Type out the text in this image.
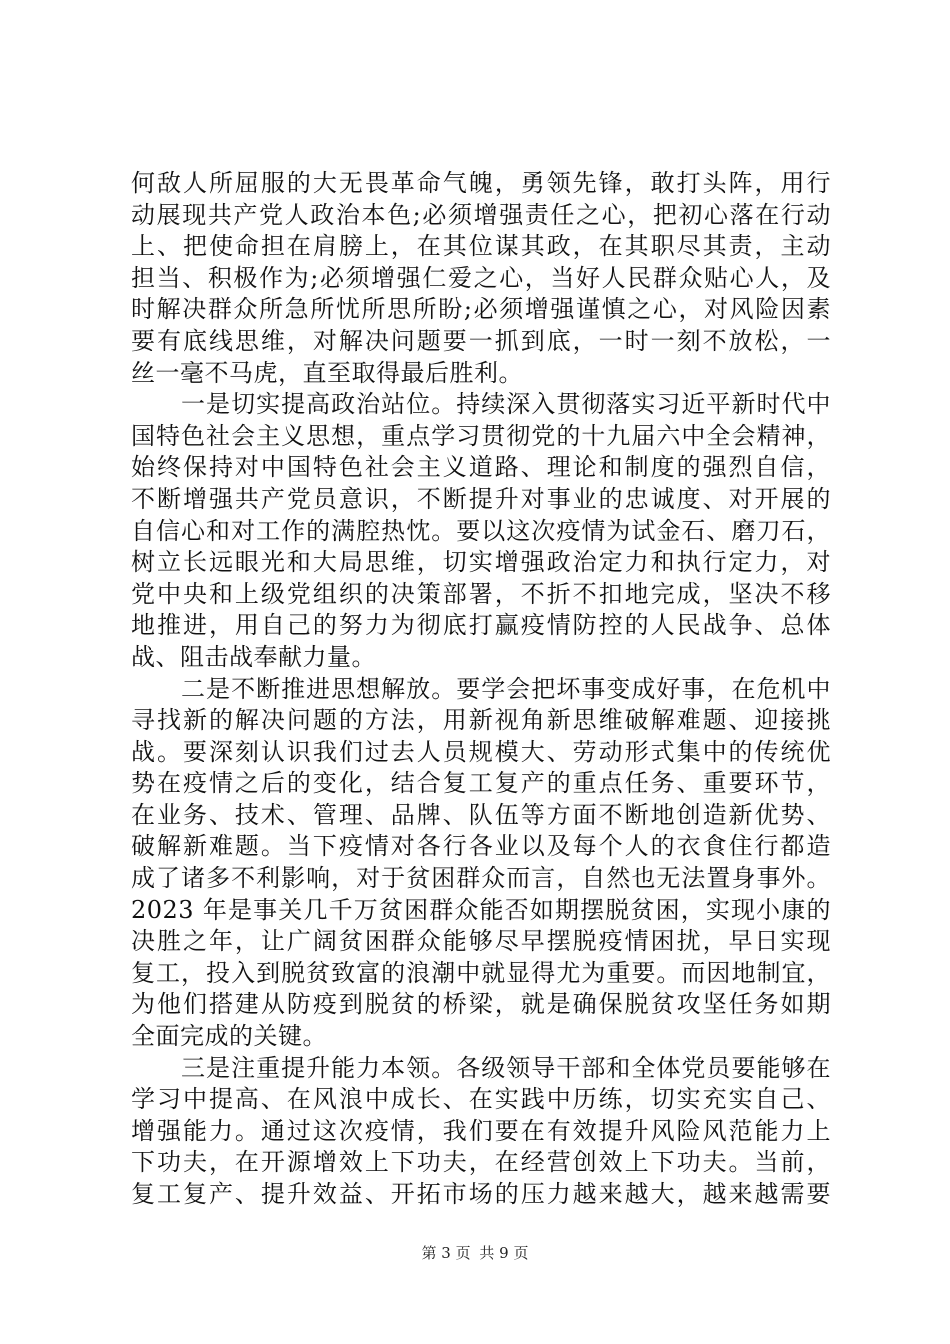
何敌人所屈服的大无畏革命气魄，勇领先锋，敢打头阵，用行
动展现共产党人政治本色;必须增强责任之心，把初心落在行动
上、把使命担在肩膀上，在其位谋其政，在其职尽其责，主动
担当、积极作为;必须增强仁爱之心，当好人民群众贴心人，及
时解决群众所急所忧所思所盼;必须增强谨慎之心，对风险因素
要有底线思维，对解决问题要一抓到底，一时一刻不放松，一
丝一毫不马虎，直至取得最后胜利。
　　一是切实提高政治站位。持续深入贯彻落实习近平新时代中
国特色社会主义思想，重点学习贯彻党的十九届六中全会精神，
始终保持对中国特色社会主义道路、理论和制度的强烈自信，
不断增强共产党员意识，不断提升对事业的忠诚度、对开展的
自信心和对工作的满腔热忱。要以这次疫情为试金石、磨刀石，
树立长远眼光和大局思维，切实增强政治定力和执行定力，对
党中央和上级党组织的决策部署，不折不扣地完成，坚决不移
地推进，用自己的努力为彻底打赢疫情防控的人民战争、总体
战、阻击战奉献力量。
　　二是不断推进思想解放。要学会把坏事变成好事，在危机中
寻找新的解决问题的方法，用新视角新思维破解难题、迎接挑
战。要深刻认识我们过去人员规模大、劳动形式集中的传统优
势在疫情之后的变化，结合复工复产的重点任务、重要环节，
在业务、技术、管理、品牌、队伍等方面不断地创造新优势、
破解新难题。当下疫情对各行各业以及每个人的衣食住行都造
成了诸多不利影响，对于贫困群众而言，自然也无法置身事外。
2023 年是事关几千万贫困群众能否如期摆脱贫困，实现小康的
决胜之年，让广阔贫困群众能够尽早摆脱疫情困扰，早日实现
复工，投入到脱贫致富的浪潮中就显得尤为重要。而因地制宜，
为他们搭建从防疫到脱贫的桥梁，就是确保脱贫攻坚任务如期
全面完成的关键。
　　三是注重提升能力本领。各级领导干部和全体党员要能够在
学习中提高、在风浪中成长、在实践中历练，切实充实自己、
增强能力。通过这次疫情，我们要在有效提升风险风范能力上
下功夫，在开源增效上下功夫，在经营创效上下功夫。当前，
复工复产、提升效益、开拓市场的压力越来越大，越来越需要
第 3 页 共 9 页
